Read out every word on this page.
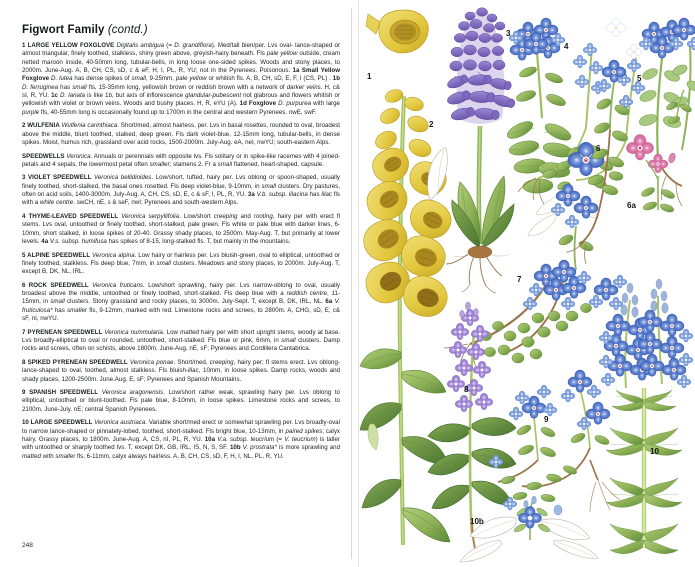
Figwort Family (contd.)

1 LARGE YELLOW FOXGLOVE Digitalis ambigua (= D. grandiflora). Med/tall bien/per. Lvs oval- lance-shaped or almost triangular, finely toothed, stalkless, shiny green above, greyish-hairy beneath. Fls pale yellow outside, cream netted maroon inside, 40-50mm long, tubular-bells, in long loose one-sided spikes. Woods and stony places, to 2000m. June-Aug. A, B, CH, CS, sD, c & eF, H, I, PL, R, YU; not in the Pyrenees. Poisonous. 1a Small Yellow Foxglove D. lutea has dense spikes of small, 9-25mm, pale yellow or whitish fls. A, B, CH, sD, E, F, I (CS, PL) . 1b D. ferruginea has small fls, 15-35mm long, yellowish brown or reddish brown with a network of darker veins. H, c& sI, R, YU. 1c D. lanata is like 1b, but axis of inflorescence glandular-pubescent not glabrous and flowers whitish or yellowish with violet or brown veins. Woods and bushy places. H, R, eYU (A). 1d Foxglove D. purpurea with large purple fls, 40-55mm long is occasionally found up to 1700m in the central and western Pyrenees. nwE, swF.

2 WULFENIA Wulfenia carinthiaca. Short/med, almost hairless, per. Lvs in basal rosettes, rounded to oval, broadest above the middle, blunt toothed, stalked, deep green. Fls dark violet-blue, 12-15mm long, tubular-bells, in dense spikes. Moist, humus rich, grassland over acid rocks, 1500-2000m. July-Aug. eA, neI, nwYU; south-eastern Alps.

SPEEDWELLS Veronica. Annuals or perennials with opposite lvs. Fls solitary or in spike-like racemes with 4 joined-petals and 4 sepals, the lowermost petal often smaller; stamens 2. Fr a small flattened, heart-shaped, capsule.

3 VIOLET SPEEDWELL Veronica bellidioides. Low/short, tufted, hairy per. Lvs oblong or spoon-shaped, usually finely toothed, short-stalked, the basal ones rosetted. Fls deep violet-blue, 9-10mm, in small clusters. Dry pastures, often on acid soils, 1400-3000m. July-Aug. A, CH, CS, sD, E, c & sF, I, PL, R, YU. 3a V.b. subsp. lilacina has lilac fls with a white centre. swCH, nE, s & seF, nwI; Pyrenees and south-western Alps.

4 THYME-LEAVED SPEEDWELL Veronica serpyllifolia. Low/short creeping and rooting, hairy per with erect fl stems. Lvs oval, untoothed or finely toothed, short-stalked, pale green. Fls white or pale blue with darker lines, 6-10mm, short stalked, in loose spikes of 20-40. Grassy shady places, to 2500m. May-Aug. T, but primarily at lower levels. 4a V.s. subsp. humifusa has spikes of 8-15, long-stalked fls. T, but mainly in the mountains.

5 ALPINE SPEEDWELL Veronica alpina. Low hairy or hairless per. Lvs bluish-green, oval to elliptical, untoothed or finely toothed, stalkless. Fls deep blue, 7mm, in small clusters. Meadows and stony places, to 2000m. July-Aug. T, except B, DK, NL, IRL.

6 ROCK SPEEDWELL Veronica fruticans. Low/short sprawling, hairy per. Lvs narrow-oblong to oval, usually broadest above the middle, untoothed or finely toothed, short-stalked. Fls deep blue with a reddish centre, 11-15mm, in small clusters. Stony grassland and rocky places, to 3000m. July-Sept. T, except B, DK, IRL, NL. 6a V. fruticulosa* has smaller fls, 9-12mm, marked with red. Limestone rocks and screes, to 2800m. A, CHG, sD, E, c& sF, nI, nwYU.

7 PYRENEAN SPEEDWELL Veronica nummularia. Low matted hairy per with short upright stems, woody at base. Lvs broadly-elliptical to oval or rounded, untoothed, short-stalked. Fls blue or pink, 6mm, in small clusters. Damp rocks and screes, often on schists, above 1800m. June-Aug. nE, sF; Pyrenees and Cordillera Cantabrica.

8 SPIKED PYRENEAN SPEEDWELL Veronica ponae. Short/med, creeping, hairy per; fl stems erect. Lvs oblong-lance-shaped to oval, toothed, almost stalkless. Fls bluish-lilac, 10mm, in loose spikes. Damp rocks, woods and shady places, 1200-2500m. June.Aug. E, sF; Pyrenees and Spanish Mountains.

9 SPANISH SPEEDWELL Veronica aragonensis. Low/short rather weak, sprawling hairy per. Lvs oblong to elliptical, untoothed or blunt-toothed. Fls pale blue, 8-10mm, in loose spikes. Limestone rocks and screes, to 2100m. June-July. nE; central Spanish Pyrenees.

10 LARGE SPEEDWELL Veronica austriaca. Variable short/med erect or somewhat sprawling per. Lvs broadly-oval to narrow lance-shaped or pinnately-lobed, toothed, short-stalked. Fls bright blue, 10-13mm, in paired spikes; calyx hairy. Grassy places, to 1800m. June-Aug. A, CS, nI, PL, R, YU. 10a V.a. subsp. teucrium (= V. teucrium) is taller with untoothed or sharply toothed lvs. T, except DK, GB, IRL, IS, N, S, SF. 10b V. prostrata* is more sprawling and matted with smaller fls, 6-11mm, calyx always hairless. A, B, CH, CS, sD, F, H, I, NL, PL, R, YU.

248
1
2
3
4
5
6
6a
7
8
9
10
10b
